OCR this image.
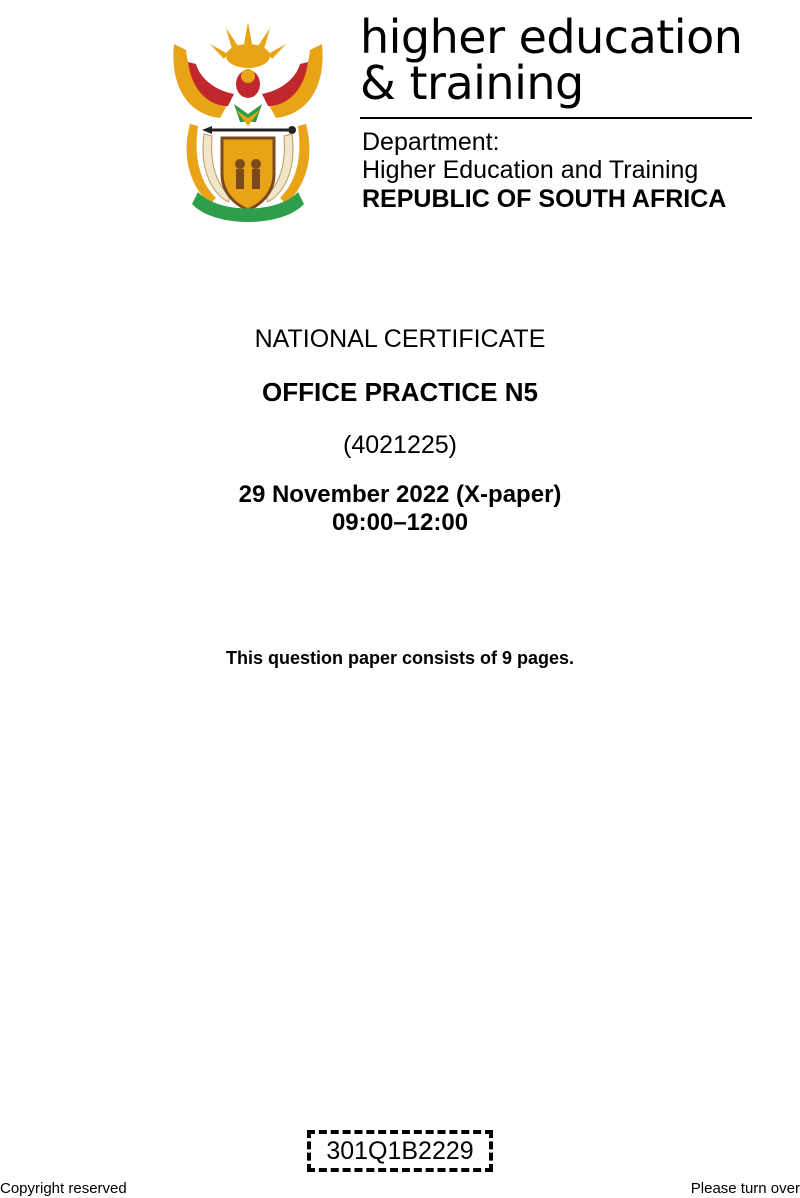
higher education
& training
Department:
Higher Education and Training
REPUBLIC OF SOUTH AFRICA
NATIONAL CERTIFICATE
OFFICE PRACTICE N5
(4021225)
29 November 2022 (X-paper)
09:00–12:00
This question paper consists of 9 pages.
301Q1B2229
Copyright reserved	Please turn over
